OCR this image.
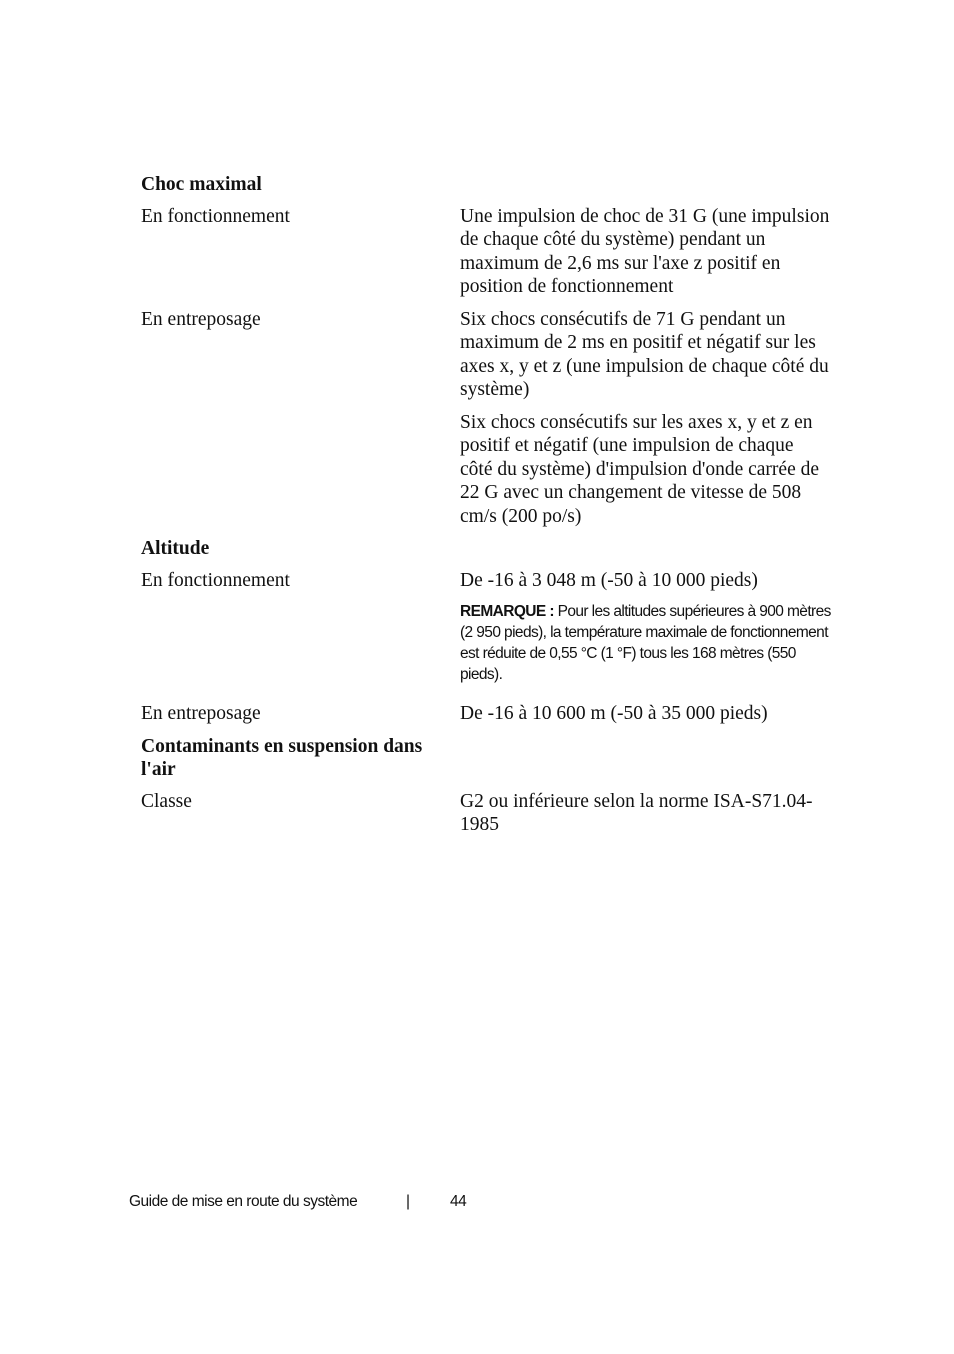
Choc maximal
En fonctionnement	Une impulsion de choc de 31 G (une impulsion de chaque côté du système) pendant un maximum de 2,6 ms sur l'axe z positif en position de fonctionnement

En entreposage	Six chocs consécutifs de 71 G pendant un maximum de 2 ms en positif et négatif sur les axes x, y et z (une impulsion de chaque côté du système)

Six chocs consécutifs sur les axes x, y et z en positif et négatif (une impulsion de chaque côté du système) d'impulsion d'onde carrée de 22 G avec un changement de vitesse de 508 cm/s (200 po/s)

Altitude
En fonctionnement	De -16 à 3 048 m (-50 à 10 000 pieds)

REMARQUE : Pour les altitudes supérieures à 900 mètres (2 950 pieds), la température maximale de fonctionnement est réduite de 0,55 °C (1 °F) tous les 168 mètres (550 pieds).
En entreposage	De -16 à 10 600 m (-50 à 35 000 pieds)

Contaminants en suspension dans l'air
Classe	G2 ou inférieure selon la norme ISA-S71.04-1985

Guide de mise en route du système	|	44
